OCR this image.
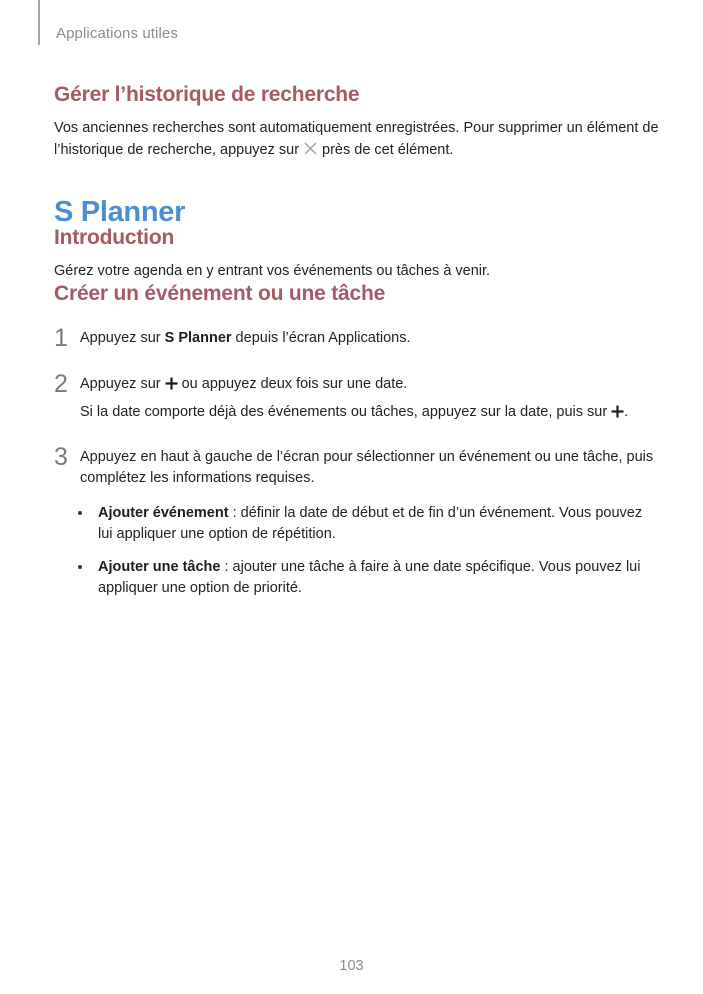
Applications utiles
Gérer l’historique de recherche

Vos anciennes recherches sont automatiquement enregistrées. Pour supprimer un élément de l’historique de recherche, appuyez sur près de cet élément.

S Planner
Introduction

Gérez votre agenda en y entrant vos événements ou tâches à venir.

Créer un événement ou une tâche
1 Appuyez sur S Planner depuis l’écran Applications.

2 Appuyez sur ou appuyez deux fois sur une date.

Si la date comporte déjà des événements ou tâches, appuyez sur la date, puis sur .

3 Appuyez en haut à gauche de l’écran pour sélectionner un événement ou une tâche, puis complétez les informations requises.

Ajouter événement : définir la date de début et de fin d’un événement. Vous pouvez lui appliquer une option de répétition.

Ajouter une tâche : ajouter une tâche à faire à une date spécifique. Vous pouvez lui appliquer une option de priorité.

103
